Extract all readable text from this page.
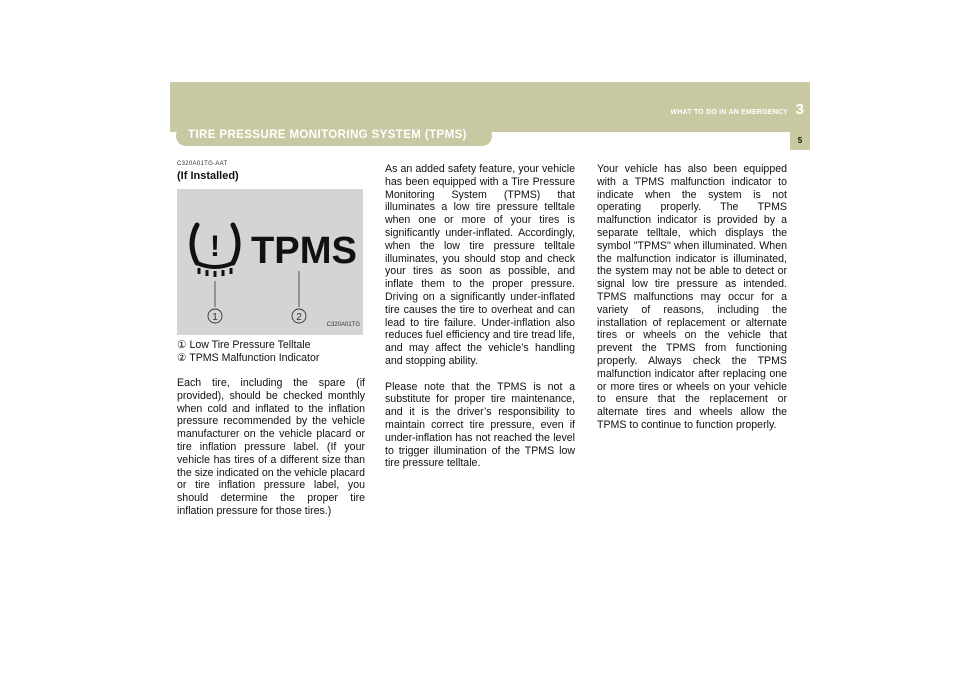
WHAT TO DO IN AN EMERGENCY 3
5
TIRE PRESSURE MONITORING SYSTEM (TPMS)
C320A01TG-AAT
(If Installed)
! TPMS
1	2
C320A01TG
① Low Tire Pressure Telltale
② TPMS Malfunction Indicator

Each tire, including the spare (if provided), should be checked monthly when cold and inflated to the inflation pressure recommended by the vehicle manufacturer on the vehicle placard or tire inflation pressure label. (If your vehicle has tires of a different size than the size indicated on the vehicle placard or tire inflation pressure label, you should determine the proper tire inflation pressure for those tires.)

As an added safety feature, your vehicle has been equipped with a Tire Pressure Monitoring System (TPMS) that illuminates a low tire pressure telltale when one or more of your tires is significantly under-inflated. Accordingly, when the low tire pressure telltale illuminates, you should stop and check your tires as soon as possible, and inflate them to the proper pressure. Driving on a significantly under-inflated tire causes the tire to overheat and can lead to tire failure. Under-inflation also reduces fuel efficiency and tire tread life, and may affect the vehicle’s handling and stopping ability.

Please note that the TPMS is not a substitute for proper tire maintenance, and it is the driver’s responsibility to maintain correct tire pressure, even if under-inflation has not reached the level to trigger illumination of the TPMS low tire pressure telltale.

Your vehicle has also been equipped with a TPMS malfunction indicator to indicate when the system is not operating properly. The TPMS malfunction indicator is provided by a separate telltale, which displays the symbol "TPMS" when illuminated. When the malfunction indicator is illuminated, the system may not be able to detect or signal low tire pressure as intended. TPMS malfunctions may occur for a variety of reasons, including the installation of replacement or alternate tires or wheels on the vehicle that prevent the TPMS from functioning properly. Always check the TPMS malfunction indicator after replacing one or more tires or wheels on your vehicle to ensure that the replacement or alternate tires and wheels allow the TPMS to continue to function properly.
